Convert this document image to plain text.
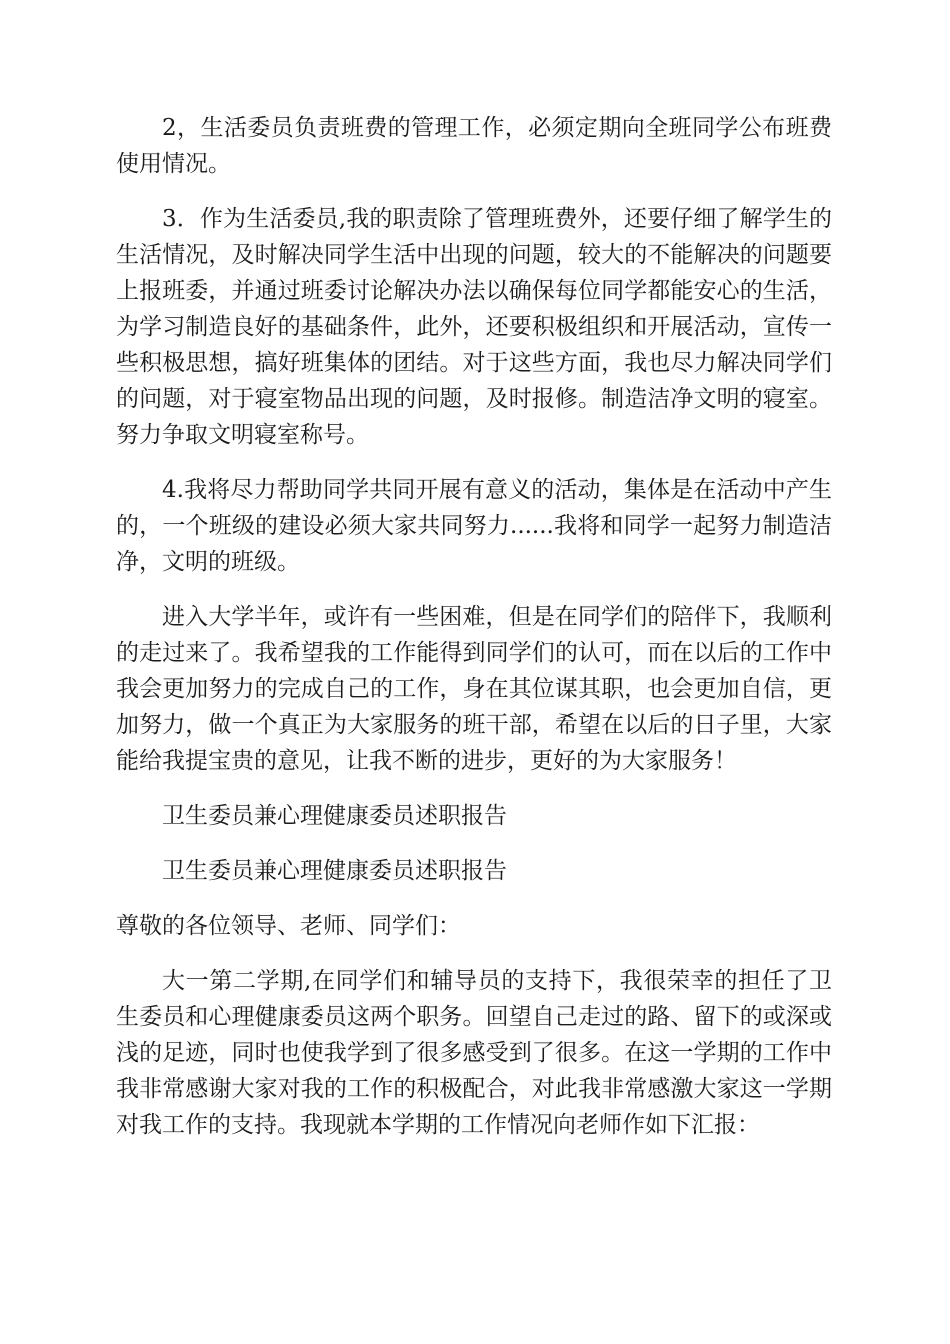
2，生活委员负责班费的管理工作，必须定期向全班同学公布班费使用情况。

3．作为生活委员,我的职责除了管理班费外，还要仔细了解学生的生活情况，及时解决同学生活中出现的问题，较大的不能解决的问题要上报班委，并通过班委讨论解决办法以确保每位同学都能安心的生活，为学习制造良好的基础条件，此外，还要积极组织和开展活动，宣传一些积极思想，搞好班集体的团结。对于这些方面，我也尽力解决同学们的问题，对于寝室物品出现的问题，及时报修。制造洁净文明的寝室。努力争取文明寝室称号。

4.我将尽力帮助同学共同开展有意义的活动，集体是在活动中产生的，一个班级的建设必须大家共同努力......我将和同学一起努力制造洁净，文明的班级。

进入大学半年，或许有一些困难，但是在同学们的陪伴下，我顺利的走过来了。我希望我的工作能得到同学们的认可，而在以后的工作中我会更加努力的完成自己的工作，身在其位谋其职，也会更加自信，更加努力，做一个真正为大家服务的班干部，希望在以后的日子里，大家能给我提宝贵的意见，让我不断的进步，更好的为大家服务！

卫生委员兼心理健康委员述职报告

卫生委员兼心理健康委员述职报告

尊敬的各位领导、老师、同学们：

大一第二学期,在同学们和辅导员的支持下，我很荣幸的担任了卫生委员和心理健康委员这两个职务。回望自己走过的路、留下的或深或浅的足迹，同时也使我学到了很多感受到了很多。在这一学期的工作中我非常感谢大家对我的工作的积极配合，对此我非常感激大家这一学期对我工作的支持。我现就本学期的工作情况向老师作如下汇报：
